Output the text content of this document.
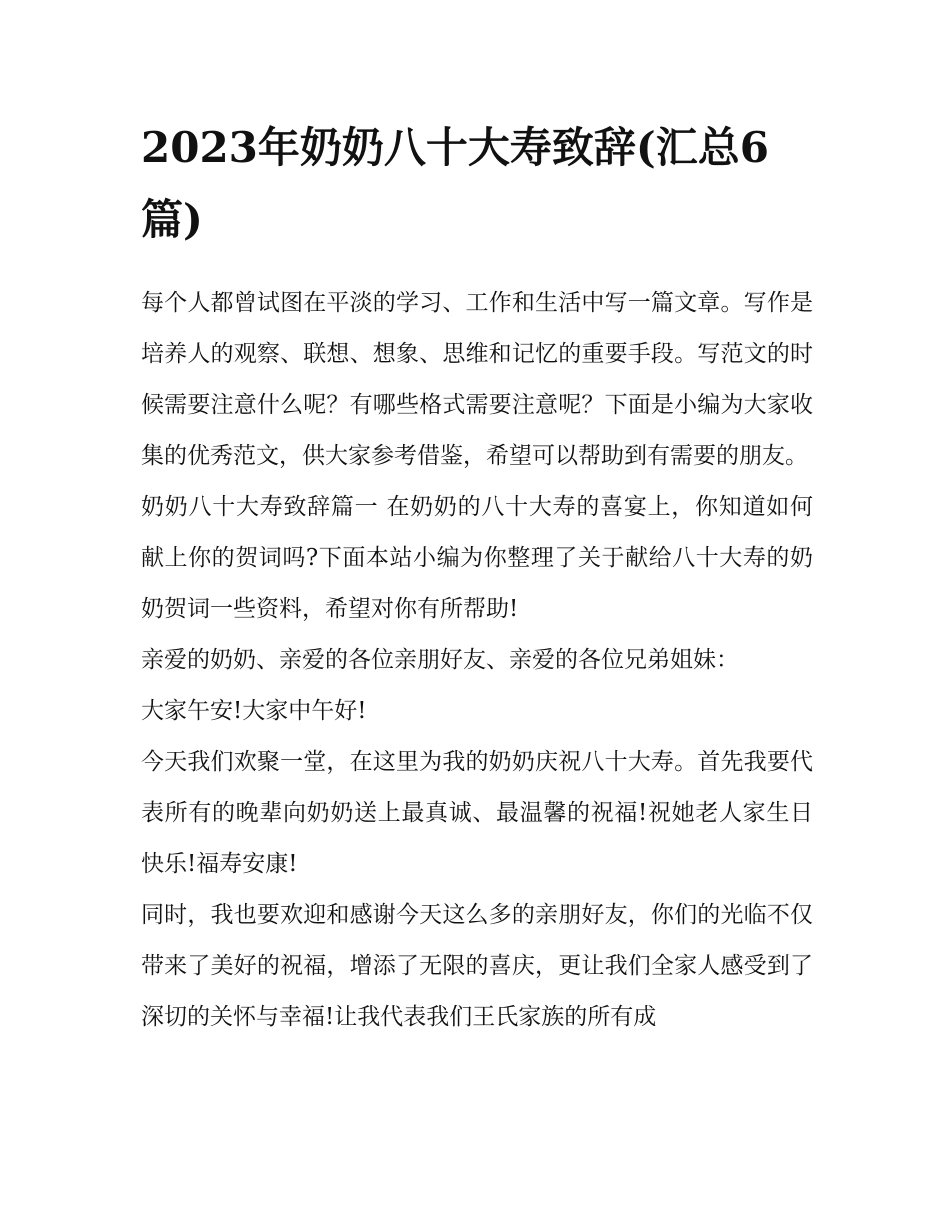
2023年奶奶八十大寿致辞(汇总6篇)

每个人都曾试图在平淡的学习、工作和生活中写一篇文章。写作是培养人的观察、联想、想象、思维和记忆的重要手段。写范文的时候需要注意什么呢？有哪些格式需要注意呢？下面是小编为大家收集的优秀范文，供大家参考借鉴，希望可以帮助到有需要的朋友。

奶奶八十大寿致辞篇一 在奶奶的八十大寿的喜宴上，你知道如何献上你的贺词吗?下面本站小编为你整理了关于献给八十大寿的奶奶贺词一些资料，希望对你有所帮助!

亲爱的奶奶、亲爱的各位亲朋好友、亲爱的各位兄弟姐妹：

大家午安!大家中午好!

今天我们欢聚一堂，在这里为我的奶奶庆祝八十大寿。首先我要代表所有的晚辈向奶奶送上最真诚、最温馨的祝福!祝她老人家生日快乐!福寿安康!

同时，我也要欢迎和感谢今天这么多的亲朋好友，你们的光临不仅带来了美好的祝福，增添了无限的喜庆，更让我们全家人感受到了深切的关怀与幸福!让我代表我们王氏家族的所有成
